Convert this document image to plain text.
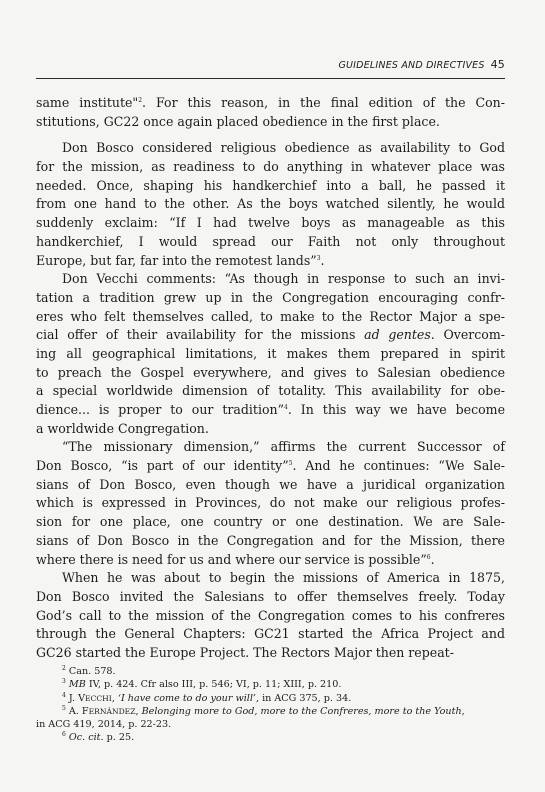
GUIDELINES AND DIRECTIVES 45
same institute"$^2$. For this reason, in the final edition of the Con-
stitutions, GC22 once again placed obedience in the first place.
Don Bosco considered religious obedience as availability to God
for the mission, as readiness to do anything in whatever place was
needed. Once, shaping his handkerchief into a ball, he passed it
from one hand to the other. As the boys watched silently, he would
suddenly exclaim: “If I had twelve boys as manageable as this
handkerchief, I would spread our Faith not only throughout
Europe, but far, far into the remotest lands”$^3$.
Don Vecchi comments: “As though in response to such an invi-
tation a tradition grew up in the Congregation encouraging confr-
eres who felt themselves called, to make to the Rector Major a spe-
cial offer of their availability for the missions ad gentes. Overcom-
ing all geographical limitations, it makes them prepared in spirit
to preach the Gospel everywhere, and gives to Salesian obedience
a special worldwide dimension of totality. This availability for obe-
dience... is proper to our tradition”$^4$. In this way we have become
a worldwide Congregation.
“The missionary dimension,” affirms the current Successor of
Don Bosco, “is part of our identity”$^5$. And he continues: “We Sale-
sians of Don Bosco, even though we have a juridical organization
which is expressed in Provinces, do not make our religious profes-
sion for one place, one country or one destination. We are Sale-
sians of Don Bosco in the Congregation and for the Mission, there
where there is need for us and where our service is possible”$^6$.
When he was about to begin the missions of America in 1875,
Don Bosco invited the Salesians to offer themselves freely. Today
God’s call to the mission of the Congregation comes to his confreres
through the General Chapters: GC21 started the Africa Project and
GC26 started the Europe Project. The Rectors Major then repeat-
$^2$ Can. 578.
$^3$ MB IV, p. 424. Cfr also III, p. 546; VI, p. 11; XIII, p. 210.
$^4$ J. VECCHI, ‘I have come to do your will’, in ACG 375, p. 34.
$^5$ A. FERNÁNDEZ, Belonging more to God, more to the Confreres, more to the Youth,
in ACG 419, 2014, p. 22-23.
$^6$ Oc. cit. p. 25.
